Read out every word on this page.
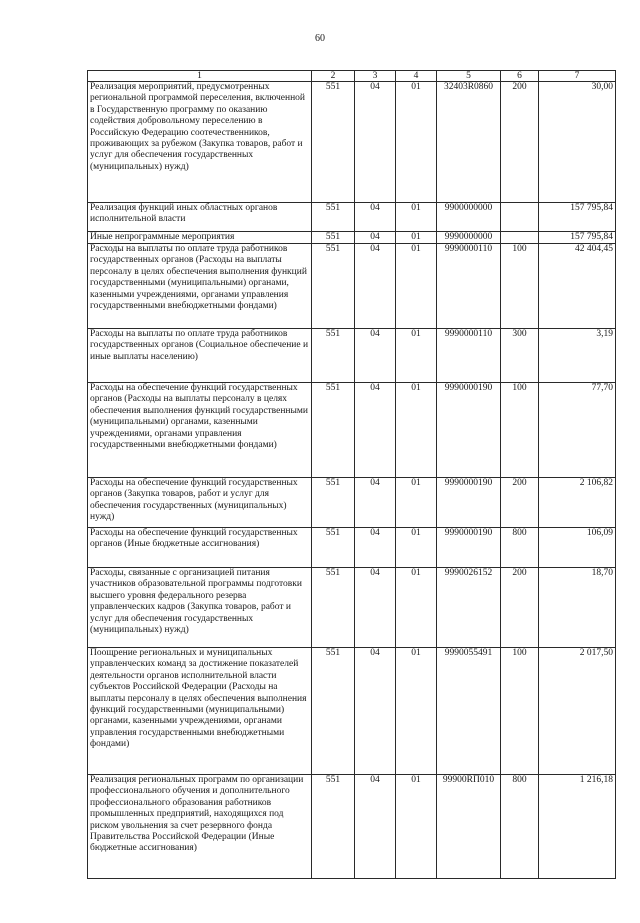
60
1	2	3	4	5	6	7
Реализация мероприятий, предусмотренных региональной программой переселения, включенной в Государственную программу по оказанию содействия добровольному переселению в Российскую Федерацию соотечественников, проживающих за рубежом (Закупка товаров, работ и услуг для обеспечения государственных (муниципальных) нужд)	551	04	01	32403R0860	200	30,00
Реализация функций иных областных органов исполнительной власти	551	04	01	9900000000		157 795,84
Иные непрограммные мероприятия	551	04	01	9990000000		157 795,84
Расходы на выплаты по оплате труда работников государственных органов (Расходы на выплаты персоналу в целях обеспечения выполнения функций государственными (муниципальными) органами, казенными учреждениями, органами управления государственными внебюджетными фондами)	551	04	01	9990000110	100	42 404,45
Расходы на выплаты по оплате труда работников государственных органов (Социальное обеспечение и иные выплаты населению)	551	04	01	9990000110	300	3,19
Расходы на обеспечение функций государственных органов (Расходы на выплаты персоналу в целях обеспечения выполнения функций государственными (муниципальными) органами, казенными учреждениями, органами управления государственными внебюджетными фондами)	551	04	01	9990000190	100	77,70
Расходы на обеспечение функций государственных органов (Закупка товаров, работ и услуг для обеспечения государственных (муниципальных) нужд)	551	04	01	9990000190	200	2 106,82
Расходы на обеспечение функций государственных органов (Иные бюджетные ассигнования)	551	04	01	9990000190	800	106,09
Расходы, связанные с организацией питания участников образовательной программы подготовки высшего уровня федерального резерва управленческих кадров (Закупка товаров, работ и услуг для обеспечения государственных (муниципальных) нужд)	551	04	01	9990026152	200	18,70
Поощрение региональных и муниципальных управленческих команд за достижение показателей деятельности органов исполнительной власти субъектов Российской Федерации (Расходы на выплаты персоналу в целях обеспечения выполнения функций государственными (муниципальными) органами, казенными учреждениями, органами управления государственными внебюджетными фондами)	551	04	01	9990055491	100	2 017,50
Реализация региональных программ по организации профессионального обучения и дополнительного профессионального образования работников промышленных предприятий, находящихся под риском увольнения за счет резервного фонда Правительства Российской Федерации (Иные бюджетные ассигнования)	551	04	01	99900RП010	800	1 216,18
